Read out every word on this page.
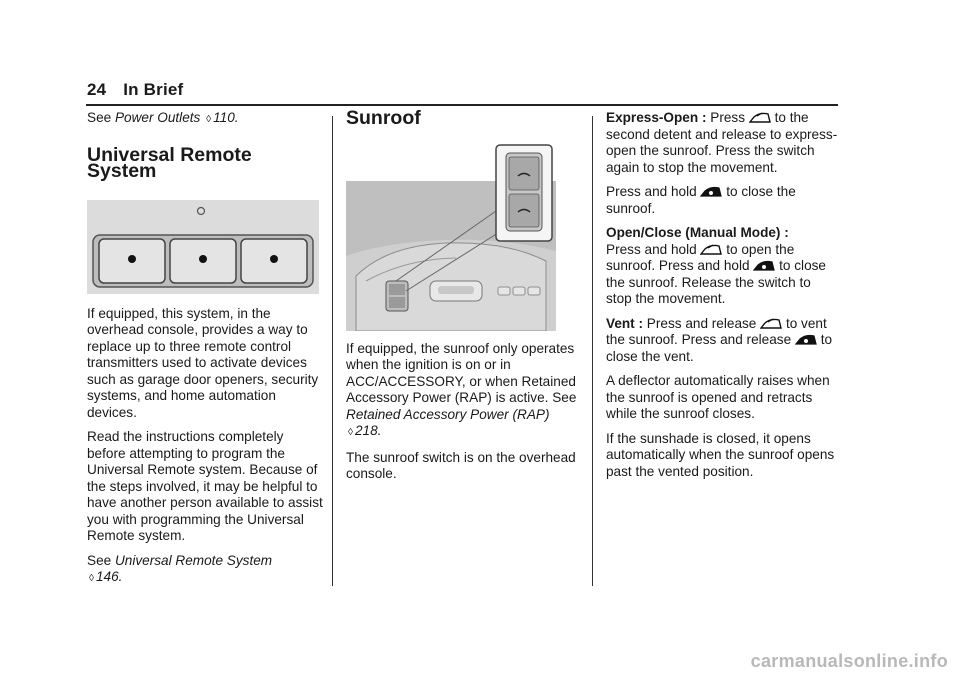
24 In Brief

See Power Outlets ◊ 110.

Universal Remote System

If equipped, this system, in the overhead console, provides a way to replace up to three remote control transmitters used to activate devices such as garage door openers, security systems, and home automation devices.

Read the instructions completely before attempting to program the Universal Remote system. Because of the steps involved, it may be helpful to have another person available to assist you with programming the Universal Remote system.

See Universal Remote System
◊ 146.

Sunroof

If equipped, the sunroof only operates when the ignition is on or in ACC/ACCESSORY, or when Retained Accessory Power (RAP) is active. See Retained Accessory Power (RAP) ◊ 218.

The sunroof switch is on the overhead console.

Express-Open : Press to the second detent and release to express-open the sunroof. Press the switch again to stop the movement.

Press and hold to close the sunroof.

Open/Close (Manual Mode) :
Press and hold to open the sunroof. Press and hold to close the sunroof. Release the switch to stop the movement.

Vent : Press and release to vent the sunroof. Press and release to close the vent.

A deflector automatically raises when the sunroof is opened and retracts while the sunroof closes.

If the sunshade is closed, it opens automatically when the sunroof opens past the vented position.

carmanualsonline.info
